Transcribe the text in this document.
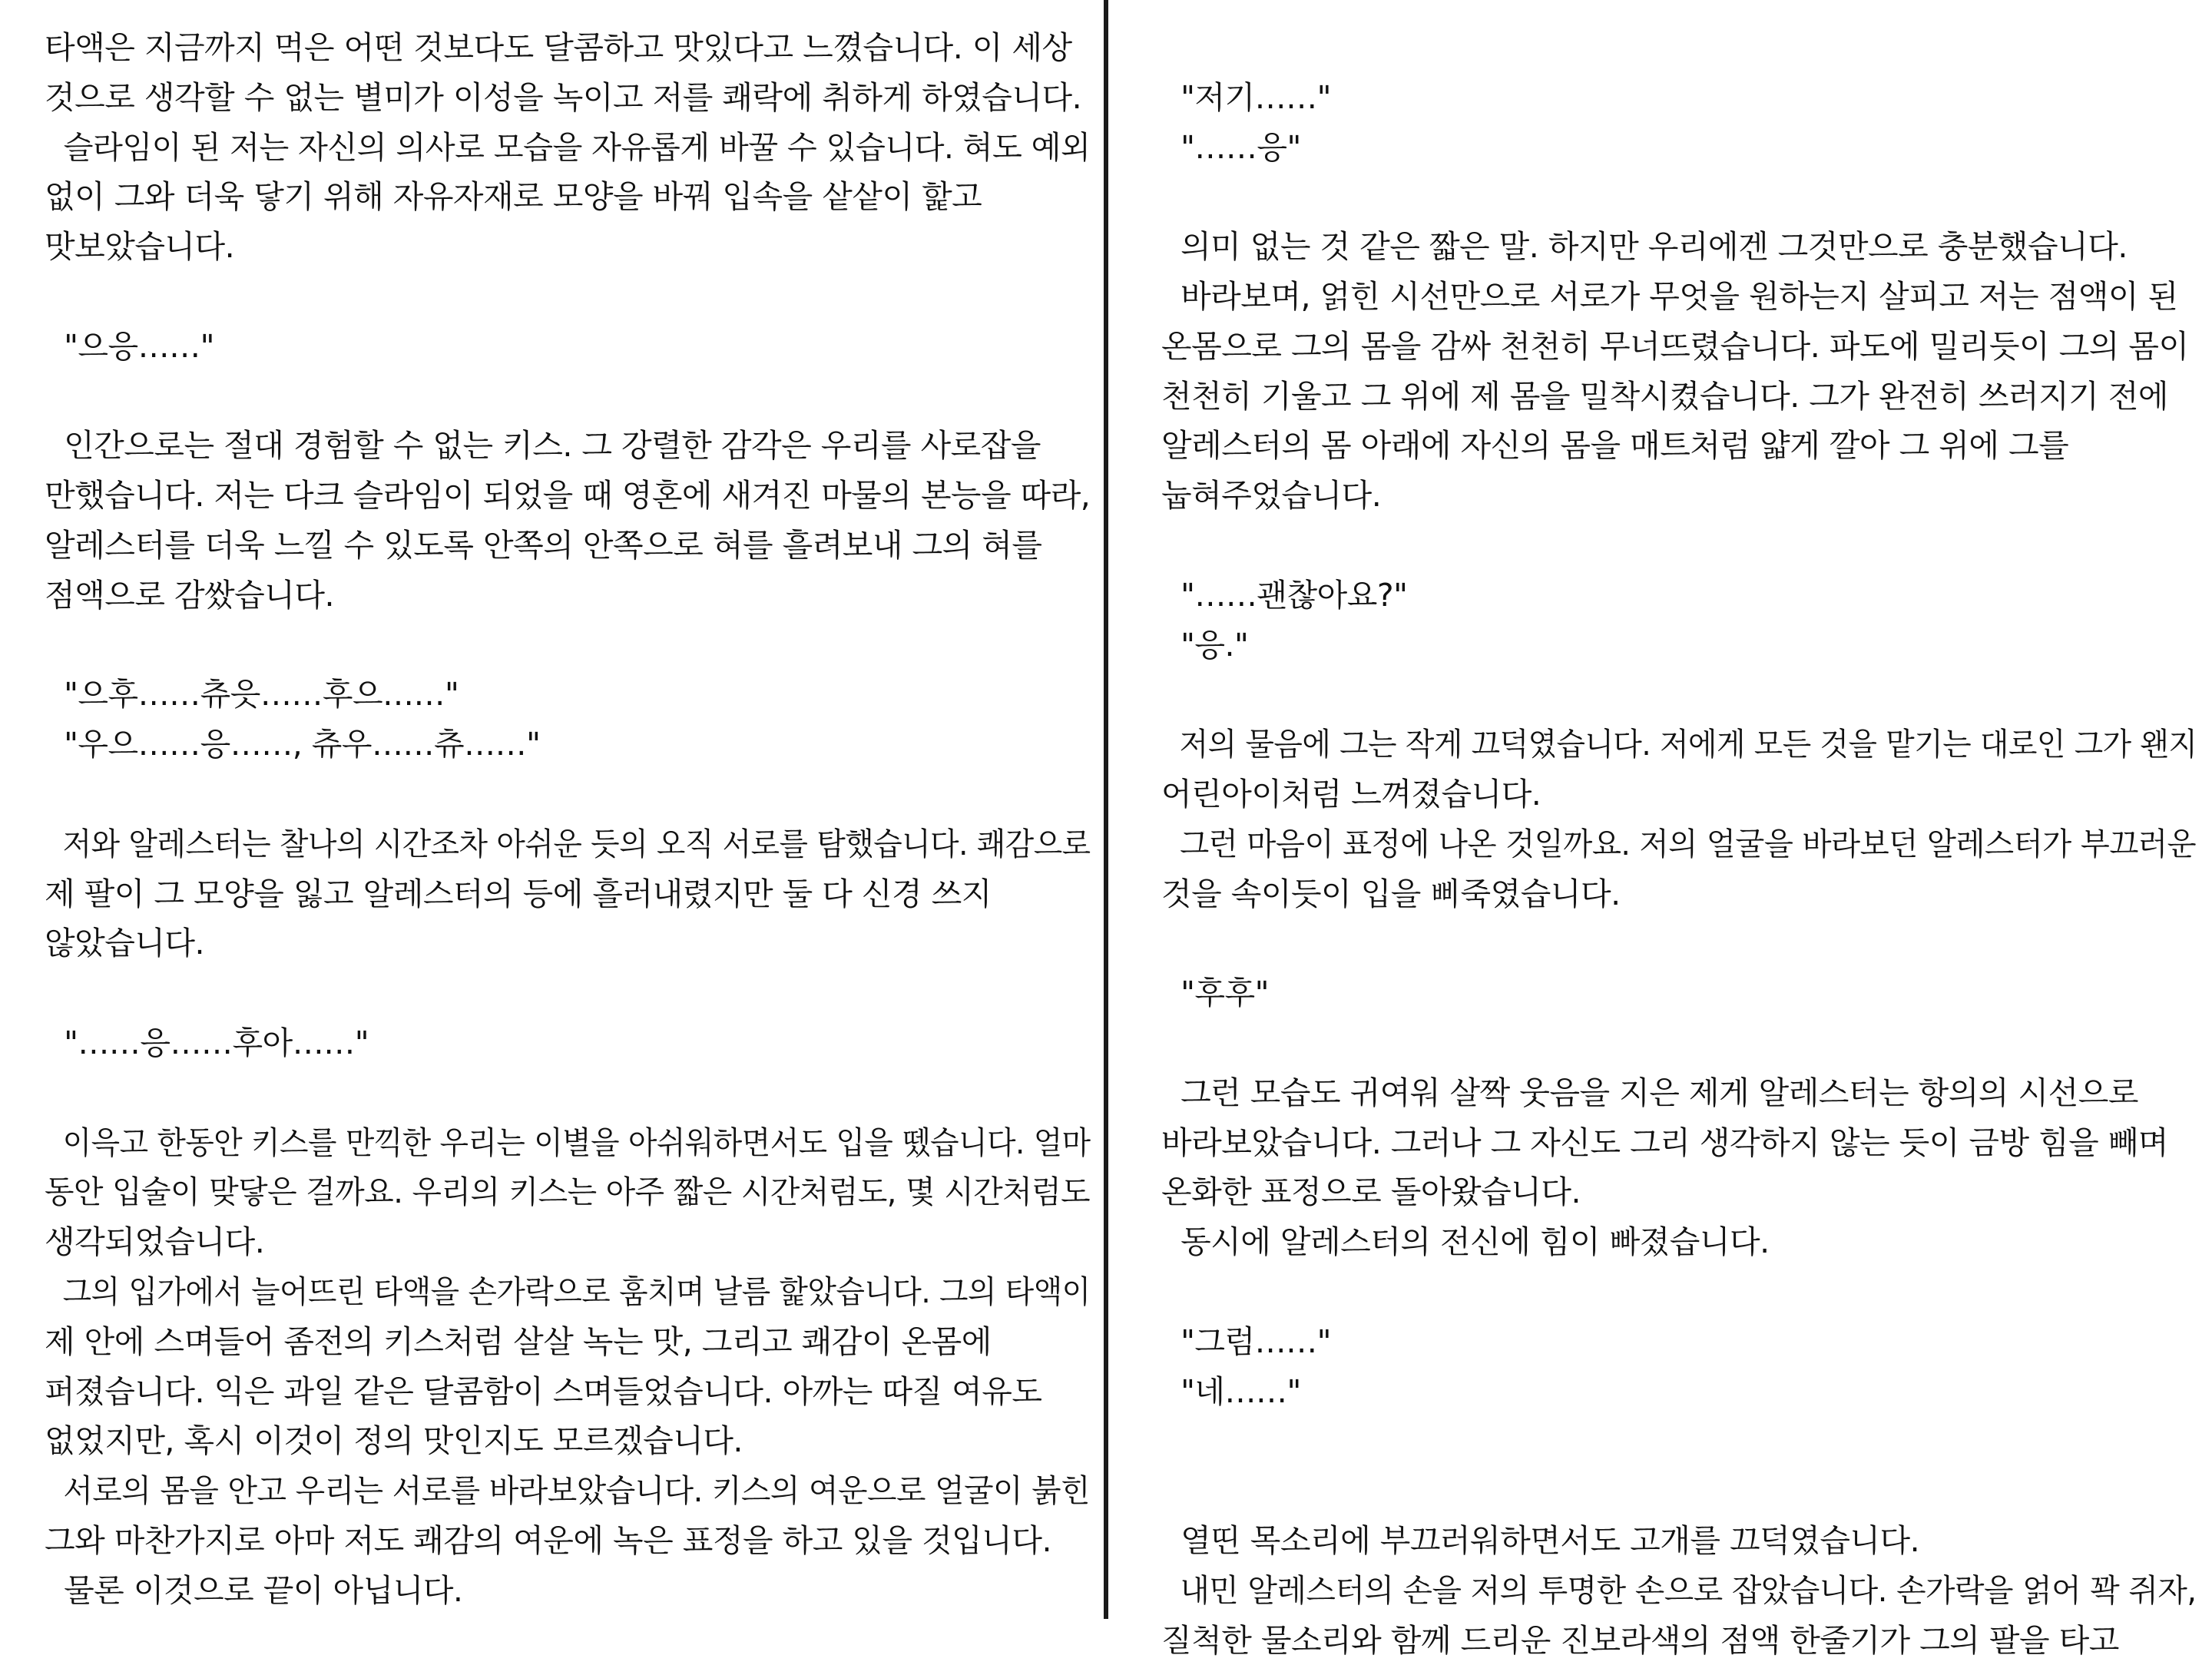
타액은 지금까지 먹은 어떤 것보다도 달콤하고 맛있다고 느꼈습니다. 이 세상
것으로 생각할 수 없는 별미가 이성을 녹이고 저를 쾌락에 취하게 하였습니다.
슬라임이 된 저는 자신의 의사로 모습을 자유롭게 바꿀 수 있습니다. 혀도 예외
없이 그와 더욱 닿기 위해 자유자재로 모양을 바꿔 입속을 샅샅이 핥고
맛보았습니다.
"으응……"
인간으로는 절대 경험할 수 없는 키스. 그 강렬한 감각은 우리를 사로잡을
만했습니다. 저는 다크 슬라임이 되었을 때 영혼에 새겨진 마물의 본능을 따라,
알레스터를 더욱 느낄 수 있도록 안쪽의 안쪽으로 혀를 흘려보내 그의 혀를
점액으로 감쌌습니다.
"으후……츄읏……후으……"
"우으……응……, 츄우……츄……"
저와 알레스터는 찰나의 시간조차 아쉬운 듯의 오직 서로를 탐했습니다. 쾌감으로
제 팔이 그 모양을 잃고 알레스터의 등에 흘러내렸지만 둘 다 신경 쓰지
않았습니다.
"……응……후아……"
이윽고 한동안 키스를 만끽한 우리는 이별을 아쉬워하면서도 입을 뗐습니다. 얼마
동안 입술이 맞닿은 걸까요. 우리의 키스는 아주 짧은 시간처럼도, 몇 시간처럼도
생각되었습니다.
그의 입가에서 늘어뜨린 타액을 손가락으로 훔치며 날름 핥았습니다. 그의 타액이
제 안에 스며들어 좀전의 키스처럼 살살 녹는 맛, 그리고 쾌감이 온몸에
퍼졌습니다. 익은 과일 같은 달콤함이 스며들었습니다. 아까는 따질 여유도
없었지만, 혹시 이것이 정의 맛인지도 모르겠습니다.
서로의 몸을 안고 우리는 서로를 바라보았습니다. 키스의 여운으로 얼굴이 붉힌
그와 마찬가지로 아마 저도 쾌감의 여운에 녹은 표정을 하고 있을 것입니다.
물론 이것으로 끝이 아닙니다.
"저기……"
"……응"
의미 없는 것 같은 짧은 말. 하지만 우리에겐 그것만으로 충분했습니다.
바라보며, 얽힌 시선만으로 서로가 무엇을 원하는지 살피고 저는 점액이 된
온몸으로 그의 몸을 감싸 천천히 무너뜨렸습니다. 파도에 밀리듯이 그의 몸이
천천히 기울고 그 위에 제 몸을 밀착시켰습니다. 그가 완전히 쓰러지기 전에
알레스터의 몸 아래에 자신의 몸을 매트처럼 얇게 깔아 그 위에 그를
눕혀주었습니다.
"……괜찮아요?"
"응."
저의 물음에 그는 작게 끄덕였습니다. 저에게 모든 것을 맡기는 대로인 그가 왠지
어린아이처럼 느껴졌습니다.
그런 마음이 표정에 나온 것일까요. 저의 얼굴을 바라보던 알레스터가 부끄러운
것을 속이듯이 입을 삐죽였습니다.
"후후"
그런 모습도 귀여워 살짝 웃음을 지은 제게 알레스터는 항의의 시선으로
바라보았습니다. 그러나 그 자신도 그리 생각하지 않는 듯이 금방 힘을 빼며
온화한 표정으로 돌아왔습니다.
동시에 알레스터의 전신에 힘이 빠졌습니다.
"그럼……"
"네……"
열띤 목소리에 부끄러워하면서도 고개를 끄덕였습니다.
내민 알레스터의 손을 저의 투명한 손으로 잡았습니다. 손가락을 얽어 꽉 쥐자,
질척한 물소리와 함께 드리운 진보라색의 점액 한줄기가 그의 팔을 타고
